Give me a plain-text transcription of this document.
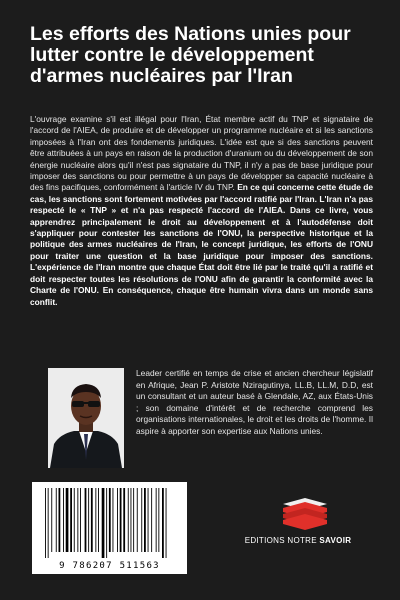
Les efforts des Nations unies pour lutter contre le développement d'armes nucléaires par l'Iran

L'ouvrage examine s'il est illégal pour l'Iran, État membre actif du TNP et signataire de l'accord de l'AIEA, de produire et de développer un programme nucléaire et si les sanctions imposées à l'Iran ont des fondements juridiques. L'idée est que si des sanctions peuvent être attribuées à un pays en raison de la production d'uranium ou du développement de son énergie nucléaire alors qu'il n'est pas signataire du TNP, il n'y a pas de base juridique pour imposer des sanctions ou pour permettre à un pays de développer sa capacité nucléaire à des fins pacifiques, conformément à l'article IV du TNP. En ce qui concerne cette étude de cas, les sanctions sont fortement motivées par l'accord ratifié par l'Iran. L'Iran n'a pas respecté le « TNP » et n'a pas respecté l'accord de l'AIEA. Dans ce livre, vous apprendrez principalement le droit au développement et à l'autodéfense doit s'appliquer pour contester les sanctions de l'ONU, la perspective historique et la politique des armes nucléaires de l'Iran, le concept juridique, les efforts de l'ONU pour traiter une question et la base juridique pour imposer des sanctions. L'expérience de l'Iran montre que chaque État doit être lié par le traité qu'il a ratifié et doit respecter toutes les résolutions de l'ONU afin de garantir la conformité avec la Charte de l'ONU. En conséquence, chaque être humain vivra dans un monde sans conflit.

Leader certifié en temps de crise et ancien chercheur législatif en Afrique, Jean P. Aristote Nziragutinya, LL.B, LL.M, D.D, est un consultant et un auteur basé à Glendale, AZ, aux États-Unis ; son domaine d'intérêt et de recherche comprend les organisations internationales, le droit et les droits de l'homme. Il aspire à apporter son expertise aux Nations unies.

9 786207 511563
EDITIONS NOTRE SAVOIR
